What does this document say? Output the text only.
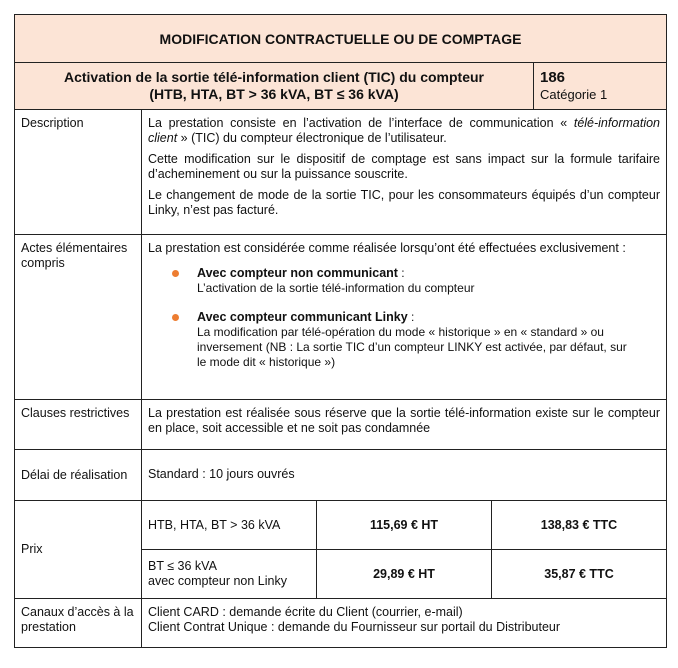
MODIFICATION CONTRACTUELLE OU DE COMPTAGE

Activation de la sortie télé-information client (TIC) du compteur
(HTB, HTA, BT > 36 kVA, BT ≤ 36 kVA)

186
Catégorie 1
Description	La prestation consiste en l’activation de l’interface de communication « télé-information client » (TIC) du compteur électronique de l’utilisateur.

Cette modification sur le dispositif de comptage est sans impact sur la formule tarifaire d’acheminement ou sur la puissance souscrite.

Le changement de mode de la sortie TIC, pour les consommateurs équipés d’un compteur Linky, n’est pas facturé.		

Actes élémentaires compris	La prestation est considérée comme réalisée lorsqu’ont été effectuées exclusivement :

Avec compteur non communicant :
L’activation de la sortie télé-information du compteur
Avec compteur communicant Linky :
La modification par télé-opération du mode « historique » en « standard » ou inversement (NB : La sortie TIC d’un compteur LINKY est activée, par défaut, sur le mode dit « historique »)		

Clauses restrictives	La prestation est réalisée sous réserve que la sortie télé-information existe sur le compteur en place, soit accessible et ne soit pas condamnée		
Délai de réalisation	Standard : 10 jours ouvrés		
Prix	HTB, HTA, BT > 36 kVA	115,69 € HT	138,83 € TTC

	BT ≤ 36 kVA
avec compteur non Linky	29,89 € HT	35,87 € TTC
Canaux d’accès à la prestation	Client CARD : demande écrite du Client (courrier, e-mail)
Client Contrat Unique : demande du Fournisseur sur portail du Distributeur		
